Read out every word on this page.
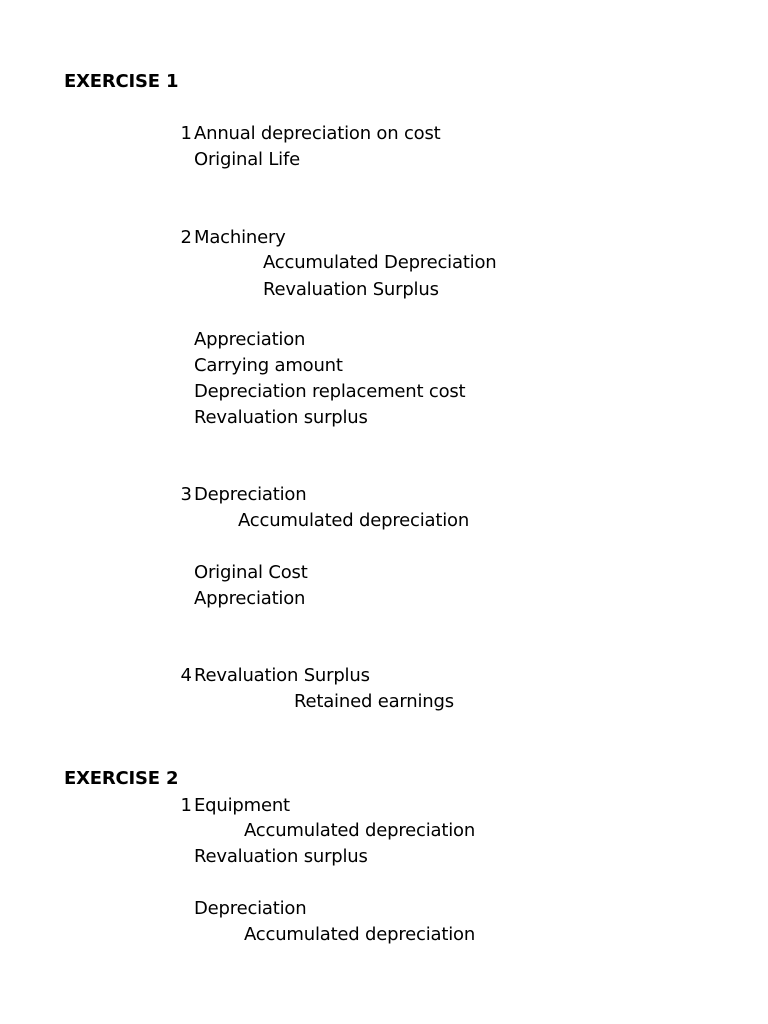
EXERCISE 1
1 Annual depreciation on cost
Original Life
2 Machinery
Accumulated Depreciation
Revaluation Surplus
Appreciation
Carrying amount
Depreciation replacement cost
Revaluation surplus
3 Depreciation
Accumulated depreciation
Original Cost
Appreciation
4 Revaluation Surplus
Retained earnings
EXERCISE 2
1 Equipment
Accumulated depreciation
Revaluation surplus
Depreciation
Accumulated depreciation
